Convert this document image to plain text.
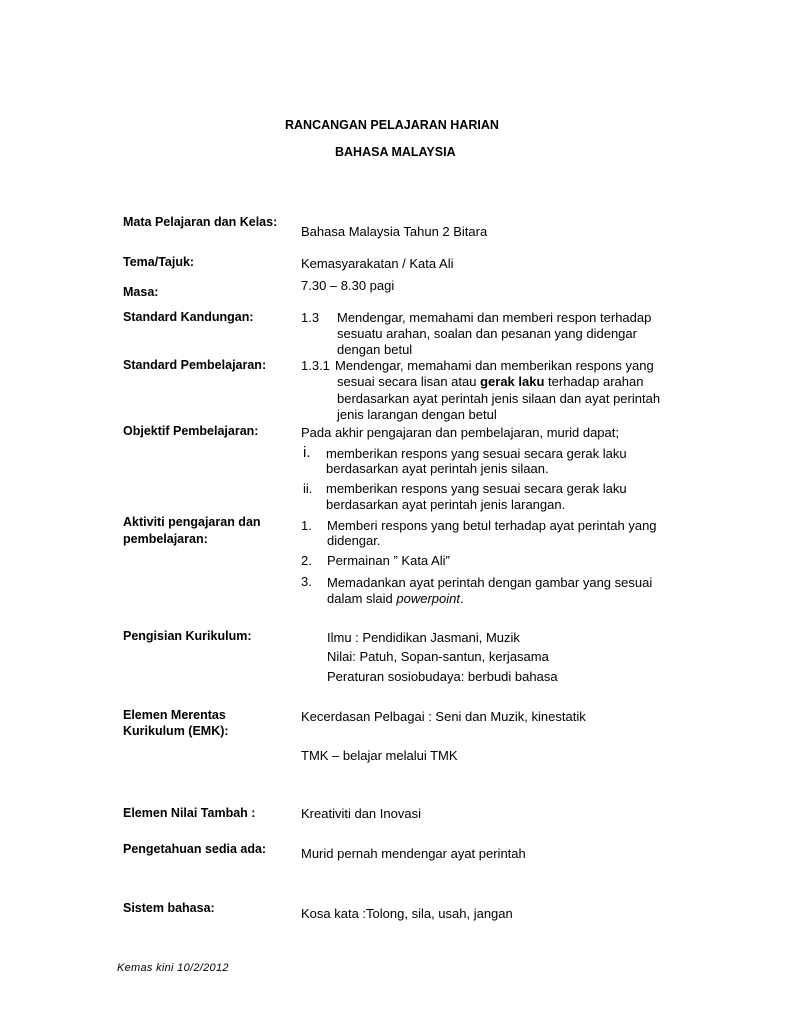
RANCANGAN PELAJARAN HARIAN
BAHASA MALAYSIA
Mata Pelajaran dan Kelas:
Bahasa Malaysia Tahun 2 Bitara
Tema/Tajuk:	Kemasyarakatan / Kata Ali
Masa:	7.30 – 8.30 pagi
Standard Kandungan:	1.3 Mendengar, memahami dan memberi respon terhadap
sesuatu arahan, soalan dan pesanan yang didengar
dengan betul
Standard Pembelajaran:	1.3.1 Mendengar, memahami dan memberikan respons yang
sesuai secara lisan atau gerak laku terhadap arahan
berdasarkan ayat perintah jenis silaan dan ayat perintah
jenis larangan dengan betul
Objektif Pembelajaran:	Pada akhir pengajaran dan pembelajaran, murid dapat;
i. memberikan respons yang sesuai secara gerak laku
berdasarkan ayat perintah jenis silaan.
ii. memberikan respons yang sesuai secara gerak laku
berdasarkan ayat perintah jenis larangan.
Aktiviti pengajaran dan
pembelajaran:
1. Memberi respons yang betul terhadap ayat perintah yang
didengar.
2. Permainan ” Kata Ali”
3. Memadankan ayat perintah dengan gambar yang sesuai
dalam slaid powerpoint.
Pengisian Kurikulum:	Ilmu : Pendidikan Jasmani, Muzik
Nilai: Patuh, Sopan-santun, kerjasama
Peraturan sosiobudaya: berbudi bahasa
Elemen Merentas
Kurikulum (EMK):
Kecerdasan Pelbagai : Seni dan Muzik, kinestatik
TMK – belajar melalui TMK
Elemen Nilai Tambah :	Kreativiti dan Inovasi
Pengetahuan sedia ada:	Murid pernah mendengar ayat perintah
Sistem bahasa:	Kosa kata :Tolong, sila, usah, jangan
Kemas kini 10/2/2012
